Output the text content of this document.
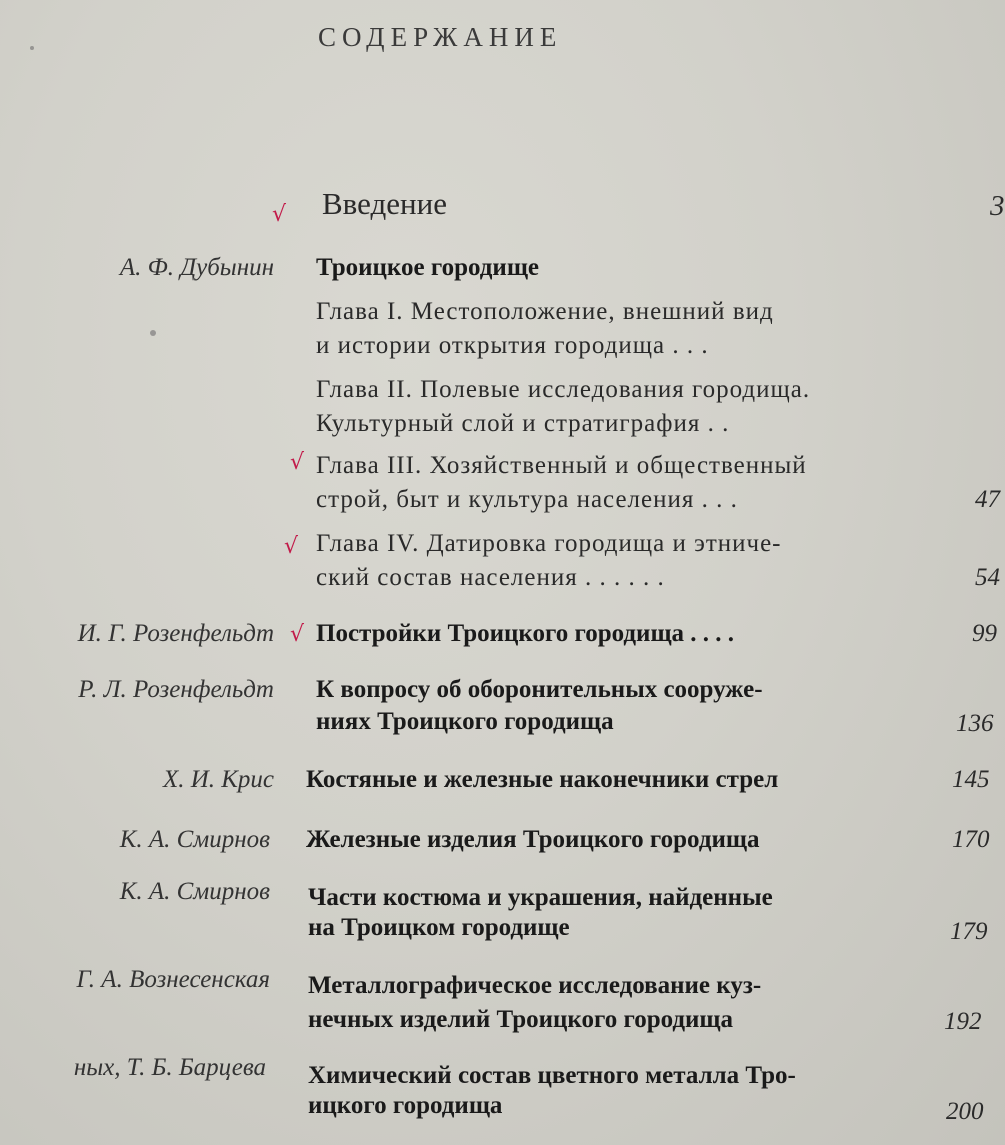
СОДЕРЖАНИЕ
√ Введение	3
А. Ф. Дубынин Троицкое городище
Глава I. Местоположение, внешний вид
и истории открытия городища . . .
Глава II. Полевые исследования городища.
Культурный слой и стратиграфия . .
√ Глава III. Хозяйственный и общественный
строй, быт и культура населения . . .	47
√ Глава IV. Датировка городища и этниче-
ский состав населения . . . . . .	54
И. Г. Розенфельдт √ Постройки Троицкого городища . . . .	99
Р. Л. Розенфельдт К вопросу об оборонительных сооруже-
ниях Троицкого городища	136
Х. И. Крис Костяные и железные наконечники стрел	145
К. А. Смирнов Железные изделия Троицкого городища	170
К. А. Смирнов Части костюма и украшения, найденные
на Троицком городище	179
Г. А. Вознесенская Металлографическое исследование куз-
нечных изделий Троицкого городища	192
ных, Т. Б. Барцева Химический состав цветного металла Тро-
ицкого городища	200
